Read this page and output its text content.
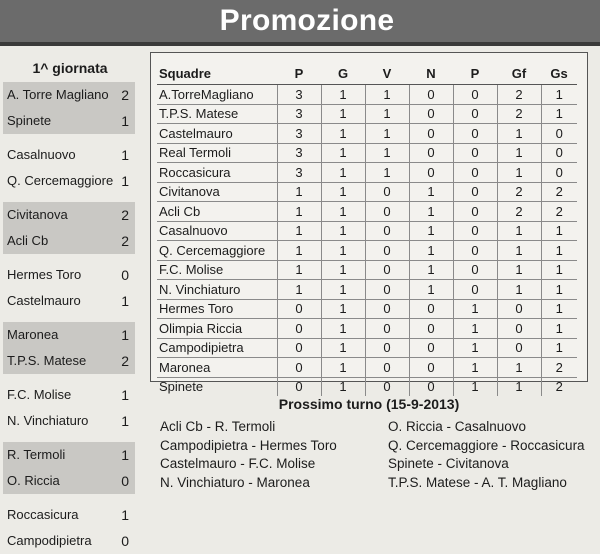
Promozione
1^ giornata
A. Torre Magliano 2
Spinete	1
Casalnuovo	1
Q. Cercemaggiore 1
Civitanova	2
Acli Cb	2
Hermes Toro	0
Castelmauro	1
Maronea	1
T.P.S. Matese 2
F.C. Molise	1
N. Vinchiaturo 1
R. Termoli	1
O. Riccia	0
Roccasicura	1
Campodipietra 0
Squadre	P	G	V	N	P	Gf	Gs
A.TorreMagliano	3	1	1	0	0	2	1
T.P.S. Matese	3	1	1	0	0	2	1
Castelmauro	3	1	1	0	0	1	0
Real Termoli	3	1	1	0	0	1	0
Roccasicura	3	1	1	0	0	1	0
Civitanova	1	1	0	1	0	2	2
Acli Cb	1	1	0	1	0	2	2
Casalnuovo	1	1	0	1	0	1	1
Q. Cercemaggiore	1	1	0	1	0	1	1
F.C. Molise	1	1	0	1	0	1	1
N. Vinchiaturo	1	1	0	1	0	1	1
Hermes Toro	0	1	0	0	1	0	1
Olimpia Riccia	0	1	0	0	1	0	1
Campodipietra	0	1	0	0	1	0	1
Maronea	0	1	0	0	1	1	2
Spinete	0	1	0	0	1	1	2
Prossimo turno (15-9-2013)
Acli Cb - R. Termoli
Campodipietra - Hermes Toro
Castelmauro - F.C. Molise
N. Vinchiaturo - Maronea
O. Riccia - Casalnuovo
Q. Cercemaggiore - Roccasicura
Spinete - Civitanova
T.P.S. Matese - A. T. Magliano
